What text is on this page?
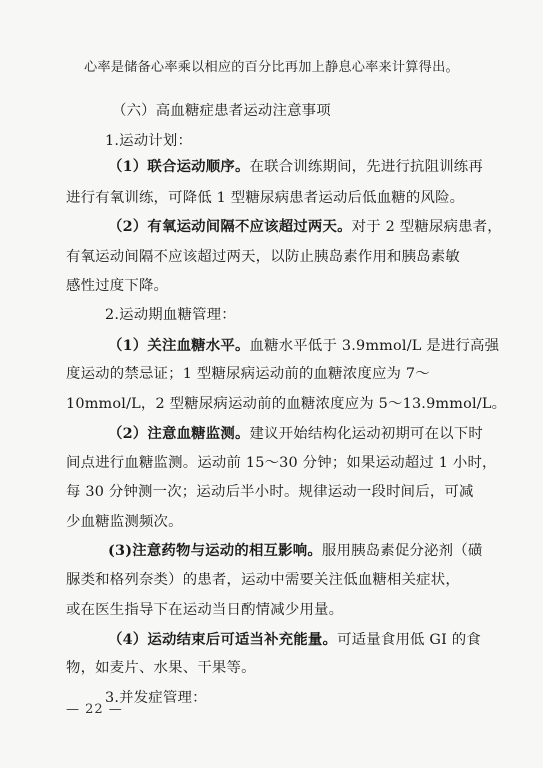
心率是储备心率乘以相应的百分比再加上静息心率来计算得出。
（六）高血糖症患者运动注意事项
1.运动计划：
（1）联合运动顺序。在联合训练期间，先进行抗阻训练再
进行有氧训练，可降低 1 型糖尿病患者运动后低血糖的风险。
（2）有氧运动间隔不应该超过两天。对于 2 型糖尿病患者，
有氧运动间隔不应该超过两天，以防止胰岛素作用和胰岛素敏
感性过度下降。
2.运动期血糖管理：
（1）关注血糖水平。血糖水平低于 3.9mmol/L 是进行高强
度运动的禁忌证；1 型糖尿病运动前的血糖浓度应为 7～
10mmol/L，2 型糖尿病运动前的血糖浓度应为 5～13.9mmol/L。
（2）注意血糖监测。建议开始结构化运动初期可在以下时
间点进行血糖监测。运动前 15～30 分钟；如果运动超过 1 小时，
每 30 分钟测一次；运动后半小时。规律运动一段时间后，可减
少血糖监测频次。
(3)注意药物与运动的相互影响。服用胰岛素促分泌剂（磺
脲类和格列奈类）的患者，运动中需要关注低血糖相关症状，
或在医生指导下在运动当日酌情减少用量。
（4）运动结束后可适当补充能量。可适量食用低 GI 的食
物，如麦片、水果、干果等。
3.并发症管理：
— 22 —
